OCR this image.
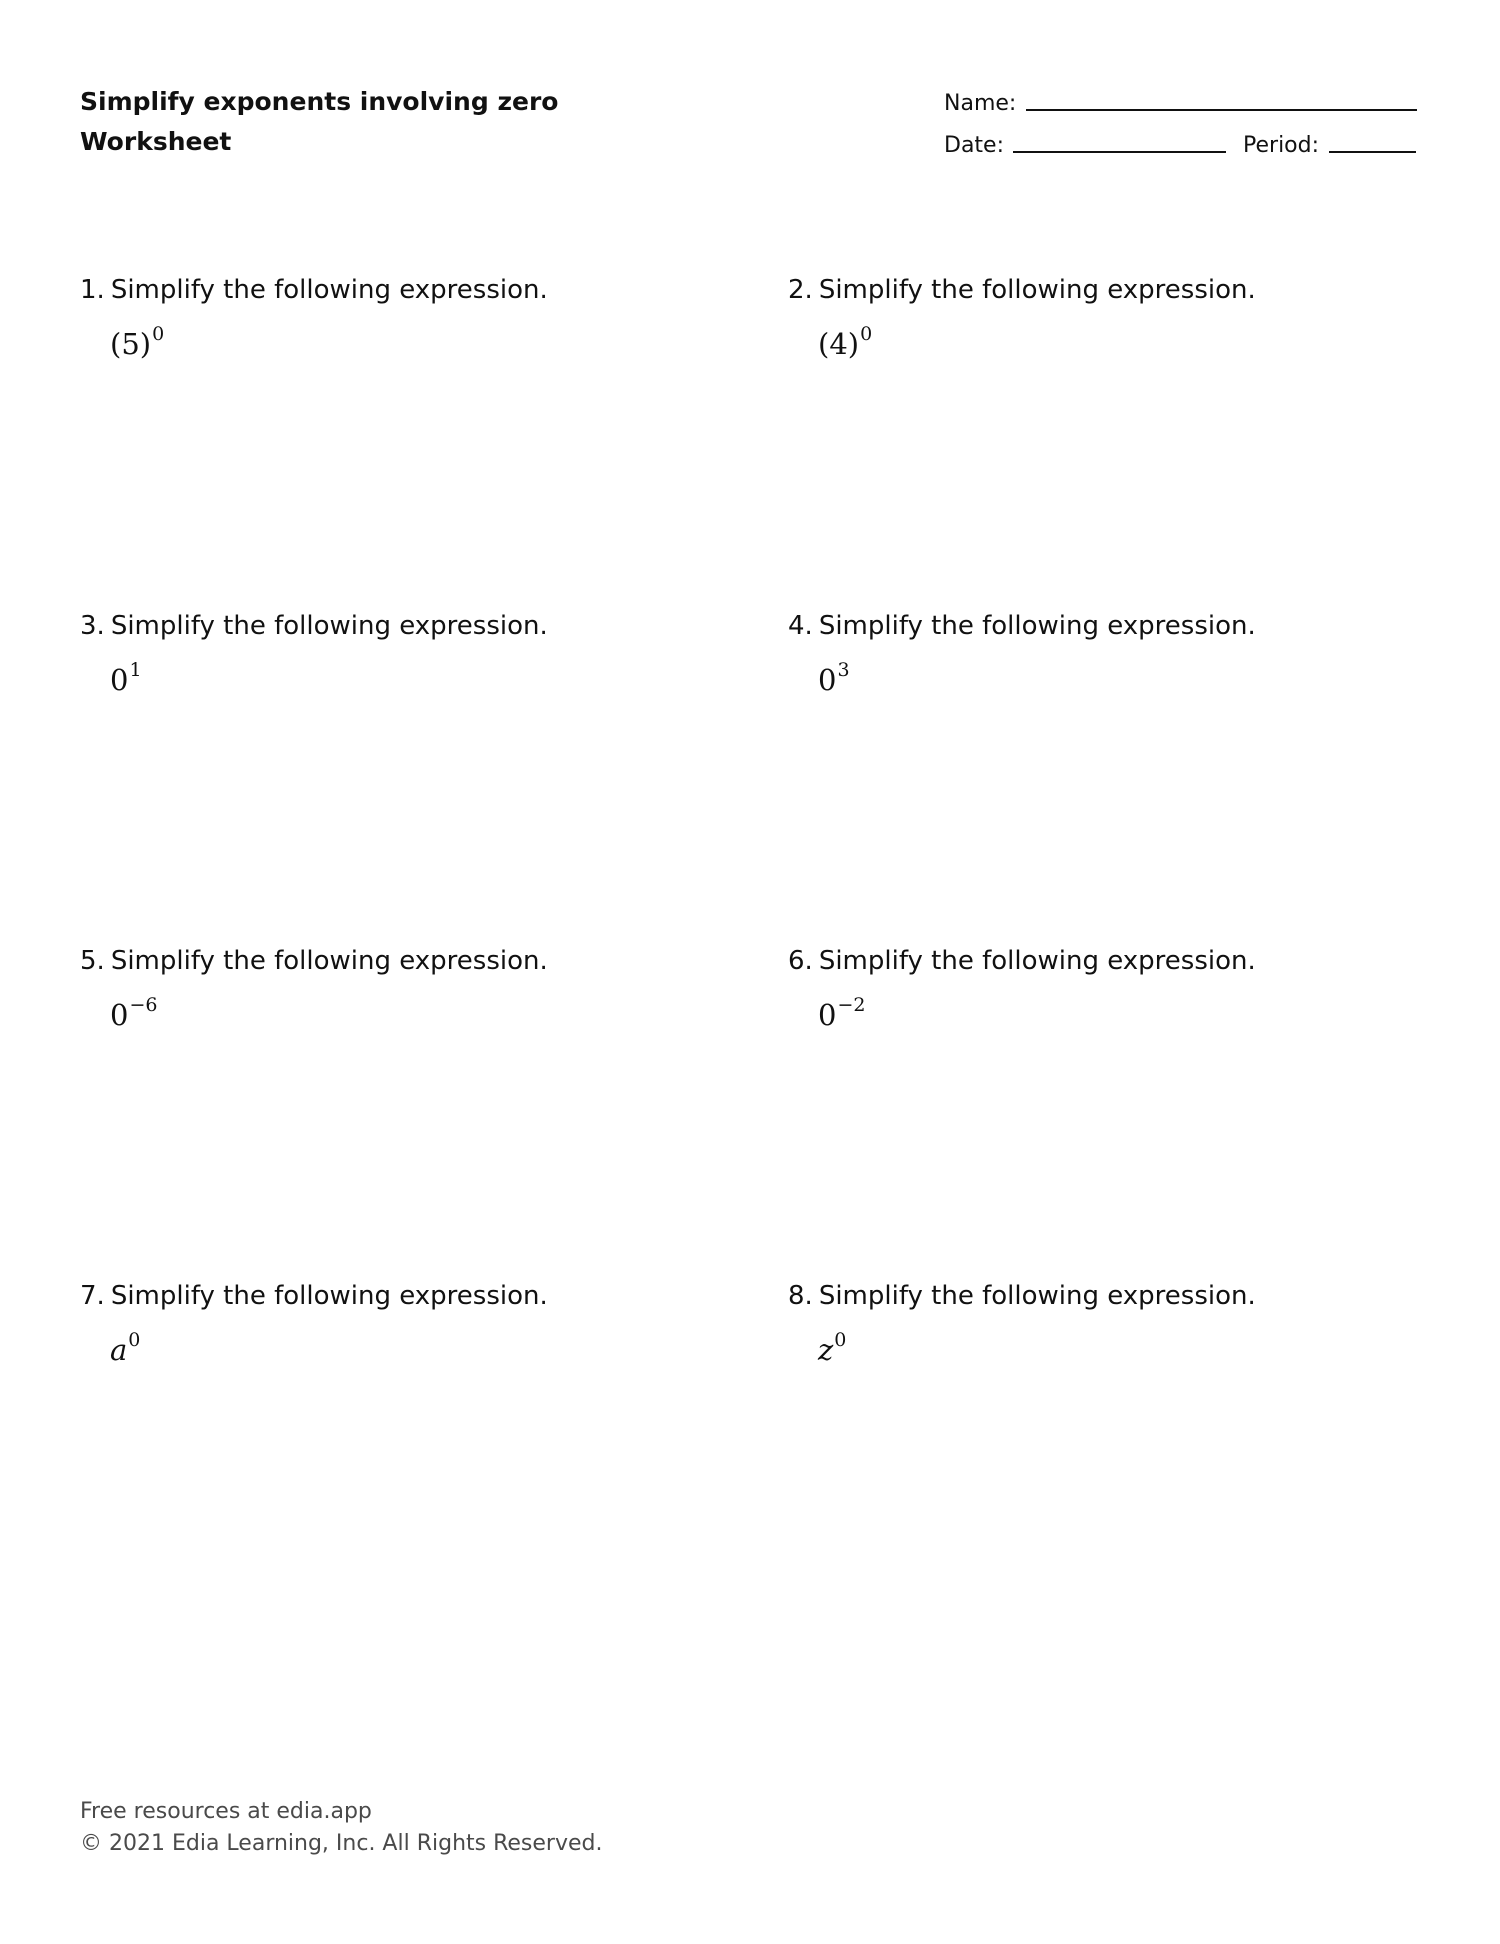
Simplify exponents involving zero
Worksheet
Name:
Date:	Period:
1. Simplify the following expression.
$(5)^0$
2. Simplify the following expression.
$(4)^0$
3. Simplify the following expression.
$0^1$
4. Simplify the following expression.
$0^3$
5. Simplify the following expression.
$0^{-6}$
6. Simplify the following expression.
$0^{-2}$
7. Simplify the following expression.
$a^0$
8. Simplify the following expression.
$z^0$
Free resources at edia.app
© 2021 Edia Learning, Inc. All Rights Reserved.
